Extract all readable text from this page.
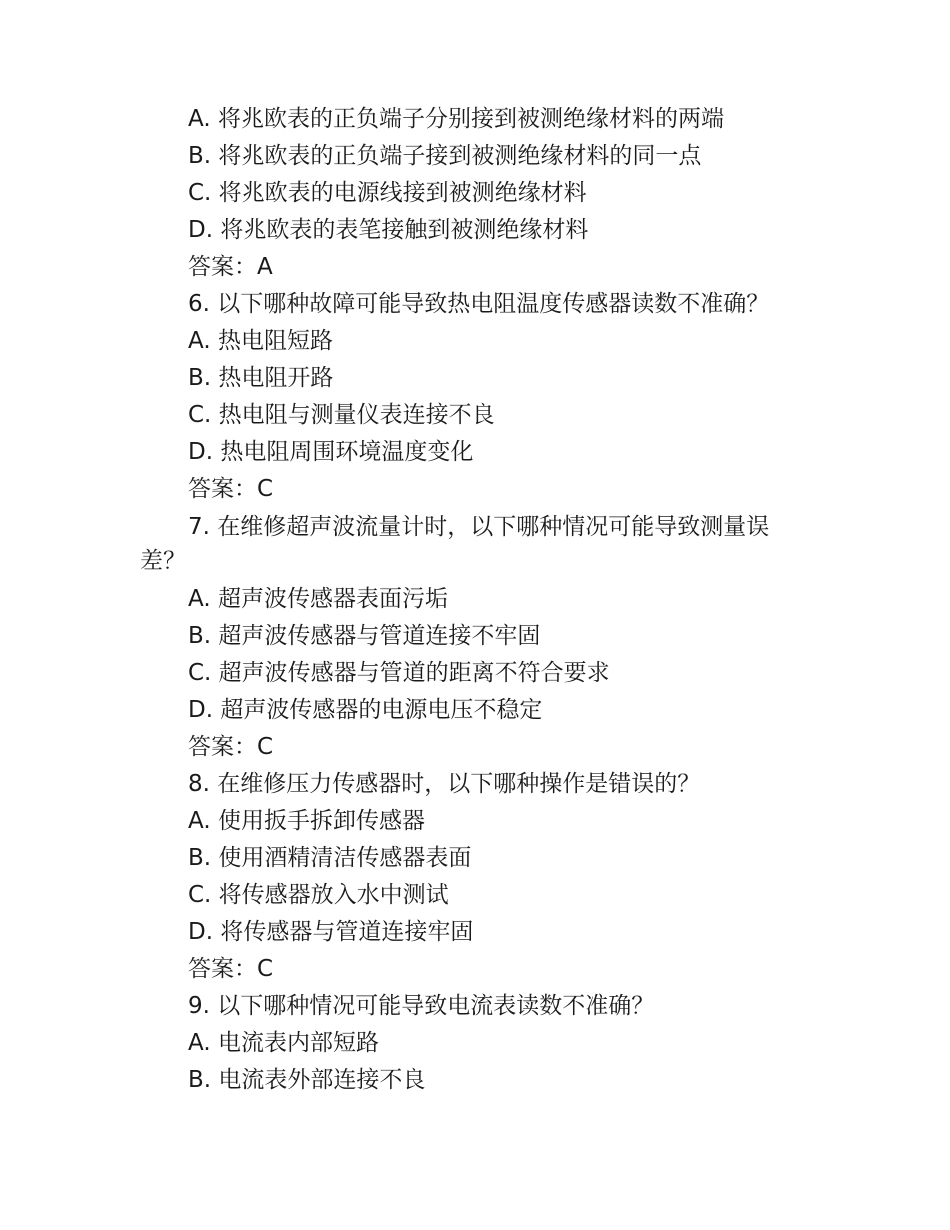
A. 将兆欧表的正负端子分别接到被测绝缘材料的两端
B. 将兆欧表的正负端子接到被测绝缘材料的同一点
C. 将兆欧表的电源线接到被测绝缘材料
D. 将兆欧表的表笔接触到被测绝缘材料
答案：A
6. 以下哪种故障可能导致热电阻温度传感器读数不准确？
A. 热电阻短路
B. 热电阻开路
C. 热电阻与测量仪表连接不良
D. 热电阻周围环境温度变化
答案：C
7. 在维修超声波流量计时，以下哪种情况可能导致测量误
差？
A. 超声波传感器表面污垢
B. 超声波传感器与管道连接不牢固
C. 超声波传感器与管道的距离不符合要求
D. 超声波传感器的电源电压不稳定
答案：C
8. 在维修压力传感器时，以下哪种操作是错误的？
A. 使用扳手拆卸传感器
B. 使用酒精清洁传感器表面
C. 将传感器放入水中测试
D. 将传感器与管道连接牢固
答案：C
9. 以下哪种情况可能导致电流表读数不准确？
A. 电流表内部短路
B. 电流表外部连接不良
